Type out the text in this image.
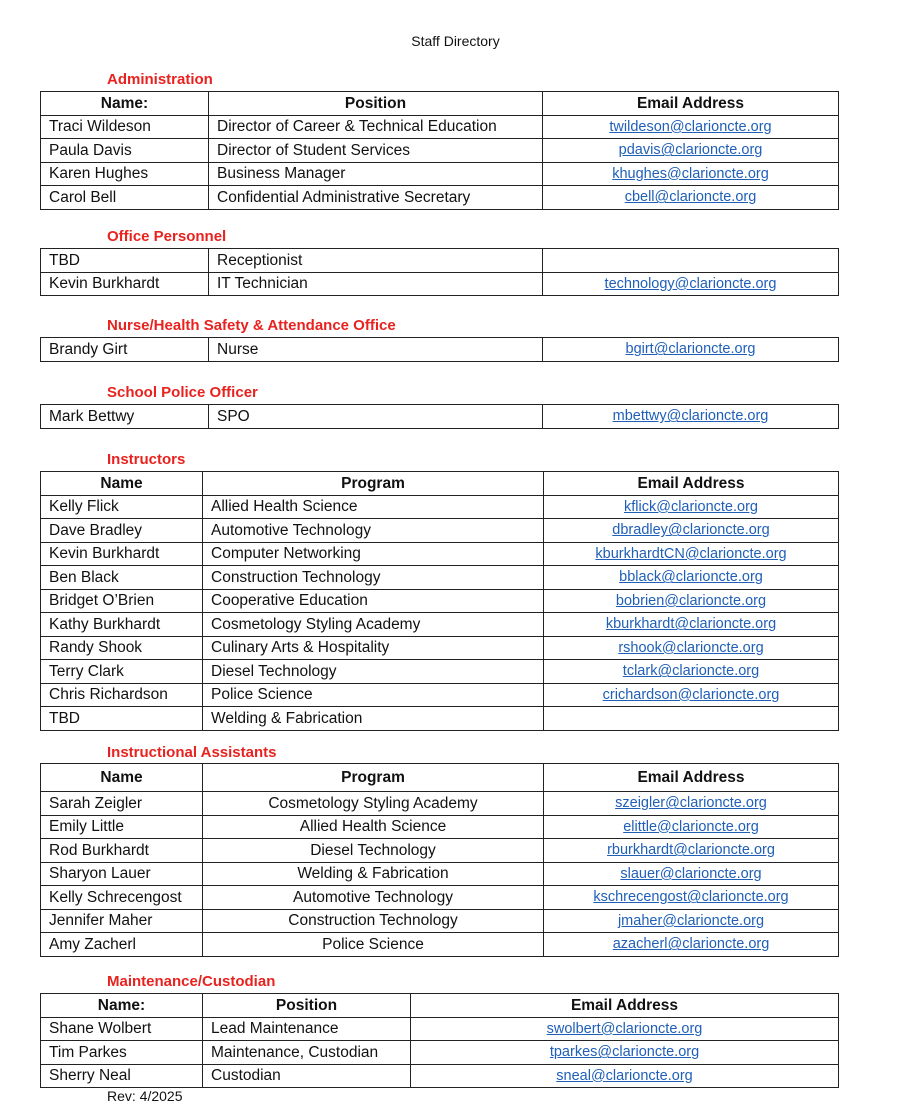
Staff Directory
Administration
Name:	Position	Email Address
Traci Wildeson	Director of Career & Technical Education	twildeson@clarioncte.org
Paula Davis	Director of Student Services	pdavis@clarioncte.org
Karen Hughes	Business Manager	khughes@clarioncte.org
Carol Bell	Confidential Administrative Secretary	cbell@clarioncte.org
Office Personnel
TBD	Receptionist	
Kevin Burkhardt	IT Technician	technology@clarioncte.org
Nurse/Health Safety & Attendance Office
Brandy Girt	Nurse	bgirt@clarioncte.org
School Police Officer
Mark Bettwy	SPO	mbettwy@clarioncte.org
Instructors
Name	Program	Email Address
Kelly Flick	Allied Health Science	kflick@clarioncte.org
Dave Bradley	Automotive Technology	dbradley@clarioncte.org
Kevin Burkhardt	Computer Networking	kburkhardtCN@clarioncte.org
Ben Black	Construction Technology	bblack@clarioncte.org
Bridget O’Brien	Cooperative Education	bobrien@clarioncte.org
Kathy Burkhardt	Cosmetology Styling Academy	kburkhardt@clarioncte.org
Randy Shook	Culinary Arts & Hospitality	rshook@clarioncte.org
Terry Clark	Diesel Technology	tclark@clarioncte.org
Chris Richardson	Police Science	crichardson@clarioncte.org
TBD	Welding & Fabrication	
Instructional Assistants
Name	Program	Email Address
Sarah Zeigler	Cosmetology Styling Academy	szeigler@clarioncte.org
Emily Little	Allied Health Science	elittle@clarioncte.org
Rod Burkhardt	Diesel Technology	rburkhardt@clarioncte.org
Sharyon Lauer	Welding & Fabrication	slauer@clarioncte.org
Kelly Schrecengost	Automotive Technology	kschrecengost@clarioncte.org
Jennifer Maher	Construction Technology	jmaher@clarioncte.org
Amy Zacherl	Police Science	azacherl@clarioncte.org
Maintenance/Custodian
Name:	Position	Email Address
Shane Wolbert	Lead Maintenance	swolbert@clarioncte.org
Tim Parkes	Maintenance, Custodian	tparkes@clarioncte.org
Sherry Neal	Custodian	sneal@clarioncte.org
Rev: 4/2025
